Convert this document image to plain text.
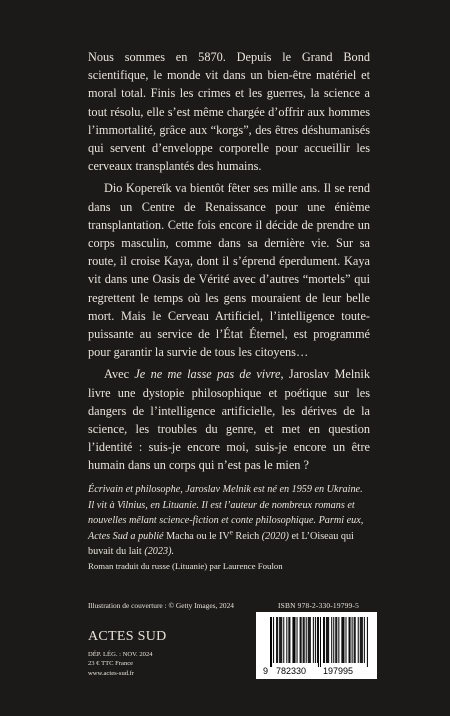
Nous sommes en 5870. Depuis le Grand Bond scientifique, le monde vit dans un bien-être matériel et moral total. Finis les crimes et les guerres, la science a tout résolu, elle s’est même chargée d’offrir aux hommes l’immortalité, grâce aux “korgs”, des êtres déshumanisés qui servent d’enveloppe corporelle pour accueillir les cerveaux transplantés des humains.

Dio Kopereïk va bientôt fêter ses mille ans. Il se rend dans un Centre de Renaissance pour une énième transplantation. Cette fois encore il décide de prendre un corps masculin, comme dans sa dernière vie. Sur sa route, il croise Kaya, dont il s’éprend éperdument. Kaya vit dans une Oasis de Vérité avec d’autres “mortels” qui regrettent le temps où les gens mouraient de leur belle mort. Mais le Cerveau Artificiel, l’intelligence toute-puissante au service de l’État Éternel, est programmé pour garantir la survie de tous les citoyens…

Avec Je ne me lasse pas de vivre, Jaroslav Melnik livre une dystopie philosophique et poétique sur les dangers de l’intelligence artificielle, les dérives de la science, les troubles du genre, et met en question l’identité : suis-je encore moi, suis-je encore un être humain dans un corps qui n’est pas le mien ?

Écrivain et philosophe, Jaroslav Melnik est né en 1959 en Ukraine. Il vit à Vilnius, en Lituanie. Il est l’auteur de nombreux romans et nouvelles mêlant science-fiction et conte philosophique. Parmi eux, Actes Sud a publié Macha ou le IVe Reich (2020) et L’Oiseau qui buvait du lait (2023).
Roman traduit du russe (Lituanie) par Laurence Foulon
Illustration de couverture : © Getty Images, 2024	ISBN 978-2-330-19799-5
9 782330 197995
ACTES SUD
DÉP. LÉG. : NOV. 2024
23 € TTC France
www.actes-sud.fr
